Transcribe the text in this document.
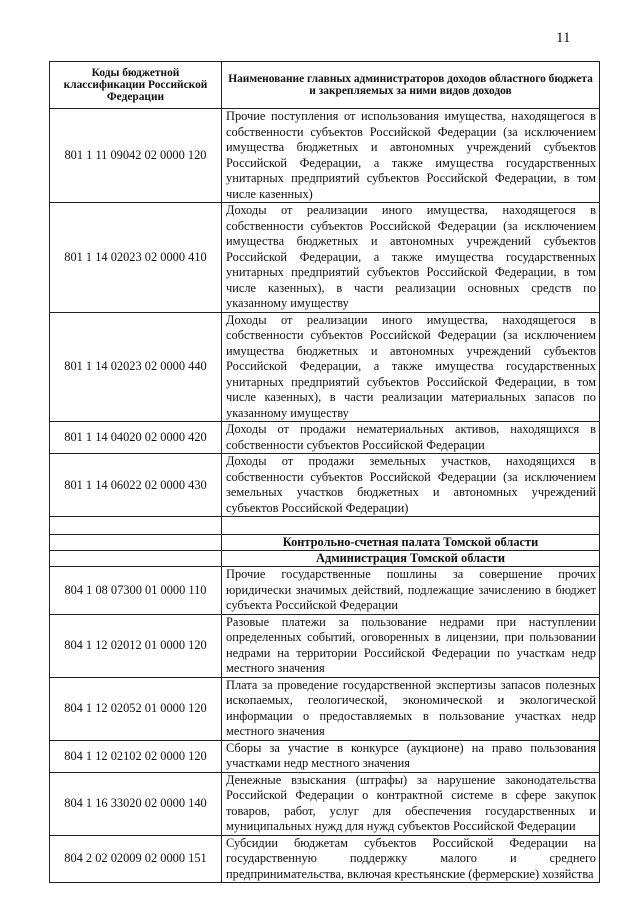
11
Коды бюджетной классификации Российской Федерации	Наименование главных администраторов доходов областного бюджета и закрепляемых за ними видов доходов
801 1 11 09042 02 0000 120	Прочие поступления от использования имущества, находящегося в собственности субъектов Российской Федерации (за исключением имущества бюджетных и автономных учреждений субъектов Российской Федерации, а также имущества государственных унитарных предприятий субъектов Российской Федерации, в том числе казенных)
801 1 14 02023 02 0000 410	Доходы от реализации иного имущества, находящегося в собственности субъектов Российской Федерации (за исключением имущества бюджетных и автономных учреждений субъектов Российской Федерации, а также имущества государственных унитарных предприятий субъектов Российской Федерации, в том числе казенных), в части реализации основных средств по указанному имуществу
801 1 14 02023 02 0000 440	Доходы от реализации иного имущества, находящегося в собственности субъектов Российской Федерации (за исключением имущества бюджетных и автономных учреждений субъектов Российской Федерации, а также имущества государственных унитарных предприятий субъектов Российской Федерации, в том числе казенных), в части реализации материальных запасов по указанному имуществу
801 1 14 04020 02 0000 420	Доходы от продажи нематериальных активов, находящихся в собственности субъектов Российской Федерации
801 1 14 06022 02 0000 430	Доходы от продажи земельных участков, находящихся в собственности субъектов Российской Федерации (за исключением земельных участков бюджетных и автономных учреждений субъектов Российской Федерации)

	Контрольно-счетная палата Томской области
	Администрация Томской области
804 1 08 07300 01 0000 110	Прочие государственные пошлины за совершение прочих юридически значимых действий, подлежащие зачислению в бюджет субъекта Российской Федерации
804 1 12 02012 01 0000 120	Разовые платежи за пользование недрами при наступлении определенных событий, оговоренных в лицензии, при пользовании недрами на территории Российской Федерации по участкам недр местного значения
804 1 12 02052 01 0000 120	Плата за проведение государственной экспертизы запасов полезных ископаемых, геологической, экономической и экологической информации о предоставляемых в пользование участках недр местного значения
804 1 12 02102 02 0000 120	Сборы за участие в конкурсе (аукционе) на право пользования участками недр местного значения
804 1 16 33020 02 0000 140	Денежные взыскания (штрафы) за нарушение законодательства Российской Федерации о контрактной системе в сфере закупок товаров, работ, услуг для обеспечения государственных и муниципальных нужд для нужд субъектов Российской Федерации
804 2 02 02009 02 0000 151	Субсидии бюджетам субъектов Российской Федерации на государственную поддержку малого и среднего предпринимательства, включая крестьянские (фермерские) хозяйства
